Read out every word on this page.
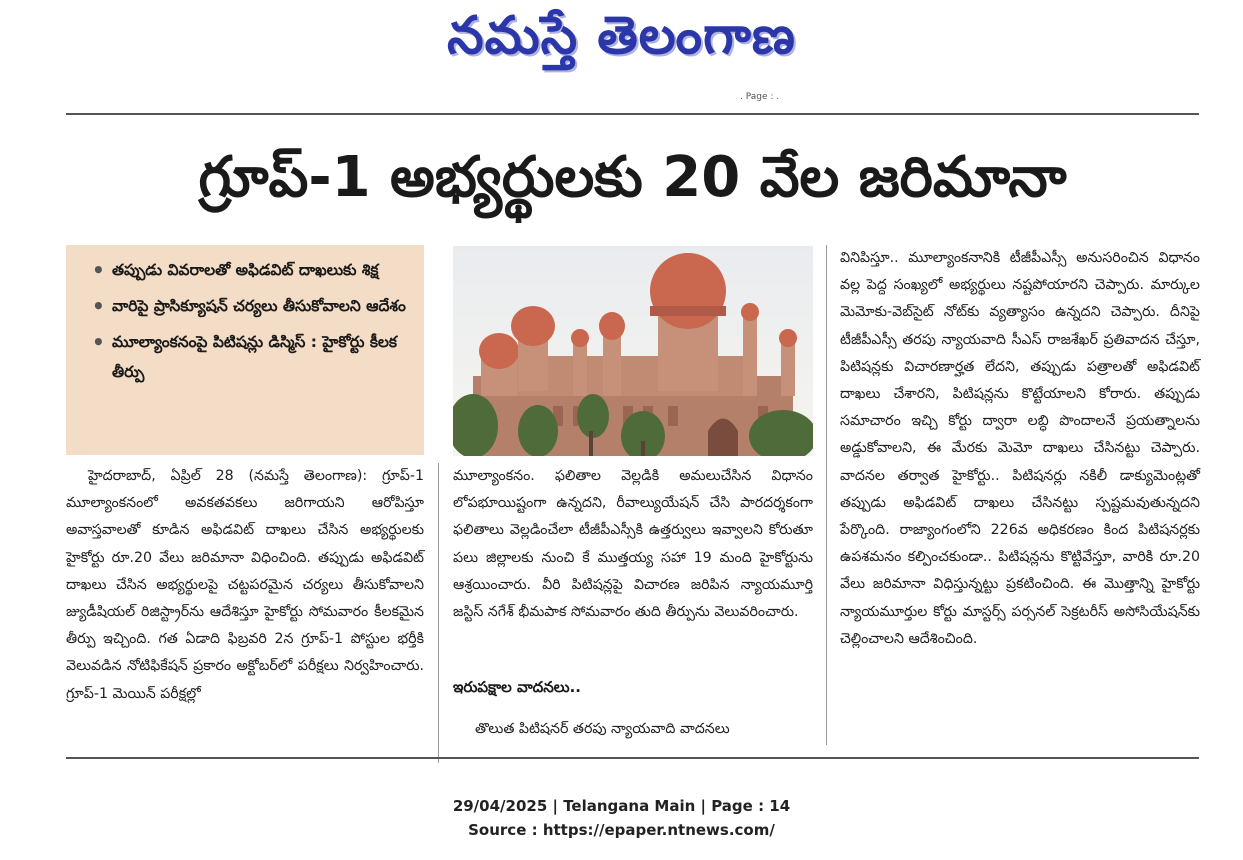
నమస్తే తెలంగాణ
. Page : .
గ్రూప్-1 అభ్యర్థులకు 20 వేల జరిమానా
• తప్పుడు వివరాలతో అఫిడవిట్ దాఖలుకు శిక్ష
• వారిపై ప్రాసిక్యూషన్ చర్యలు తీసుకోవాలని ఆదేశం
• మూల్యాంకనంపై పిటిషన్లు డిస్మిస్ : హైకోర్టు కీలక తీర్పు
హైదరాబాద్, ఏప్రిల్ 28 (నమస్తే తెలంగాణ): గ్రూప్-1 మూల్యాంకనంలో అవకతవకలు జరిగాయని ఆరోపిస్తూ అవాస్తవాలతో కూడిన అఫిడవిట్ దాఖలు చేసిన అభ్యర్థులకు హైకోర్టు రూ.20 వేలు జరిమానా విధించింది. తప్పుడు అఫిడవిట్ దాఖలు చేసిన అభ్యర్థులపై చట్టపరమైన చర్యలు తీసుకోవాలని జ్యుడీషియల్ రిజిస్ట్రార్‌ను ఆదేశిస్తూ హైకోర్టు సోమవారం కీలకమైన తీర్పు ఇచ్చింది. గత ఏడాది ఫిబ్రవరి 2న గ్రూప్-1 పోస్టుల భర్తీకి వెలువడిన నోటిఫికేషన్ ప్రకారం అక్టోబర్‌లో పరీక్షలు నిర్వహించారు. గ్రూప్-1 మెయిన్ పరీక్షల్లో
మూల్యాంకనం. ఫలితాల వెల్లడికి అమలుచేసిన విధానం లోపభూయిష్టంగా ఉన్నదని, రీవాల్యుయేషన్ చేసి పారదర్శకంగా ఫలితాలు వెల్లడించేలా టీజీపీఎస్సీకి ఉత్తర్వులు ఇవ్వాలని కోరుతూ పలు జిల్లాలకు నుంచి కే ముత్తయ్య సహా 19 మంది హైకోర్టును ఆశ్రయించారు. వీరి పిటిషన్లపై విచారణ జరిపిన న్యాయమూర్తి జస్టిస్ నగేశ్ భీమపాక సోమవారం తుది తీర్పును వెలువరించారు.
ఇరుపక్షాల వాదనలు..
తొలుత పిటిషనర్ తరపు న్యాయవాది వాదనలు
వినిపిస్తూ.. మూల్యాంకనానికి టీజీపీఎస్సీ అనుసరించిన విధానం వల్ల పెద్ద సంఖ్యలో అభ్యర్థులు నష్టపోయారని చెప్పారు. మార్కుల మెమోకు-వెబ్‌సైట్ నోట్‌కు వ్యత్యాసం ఉన్నదని చెప్పారు. దీనిపై టీజీపీఎస్సీ తరపు న్యాయవాది సీఎస్ రాజశేఖర్ ప్రతివాదన చేస్తూ, పిటిషన్లకు విచారణార్హత లేదని, తప్పుడు పత్రాలతో అఫిడవిట్ దాఖలు చేశారని, పిటిషన్లను కొట్టేయాలని కోరారు. తప్పుడు సమాచారం ఇచ్చి కోర్టు ద్వారా లబ్ధి పొందాలనే ప్రయత్నాలను అడ్డుకోవాలని, ఈ మేరకు మెమో దాఖలు చేసినట్టు చెప్పారు. వాదనల తర్వాత హైకోర్టు.. పిటిషనర్లు నకిలీ డాక్యుమెంట్లతో తప్పుడు అఫిడవిట్ దాఖలు చేసినట్టు స్పష్టమవుతున్నదని పేర్కొంది. రాజ్యాంగంలోని 226వ అధికరణం కింద పిటిషనర్లకు ఉపశమనం కల్పించకుండా.. పిటిషన్లను కొట్టివేస్తూ, వారికి రూ.20 వేలు జరిమానా విధిస్తున్నట్టు ప్రకటించింది. ఈ మొత్తాన్ని హైకోర్టు న్యాయమూర్తుల కోర్టు మాస్టర్స్ పర్సనల్ సెక్రటరీస్ అసోసియేషన్‌కు చెల్లించాలని ఆదేశించింది.
29/04/2025 | Telangana Main | Page : 14
Source : https://epaper.ntnews.com/
